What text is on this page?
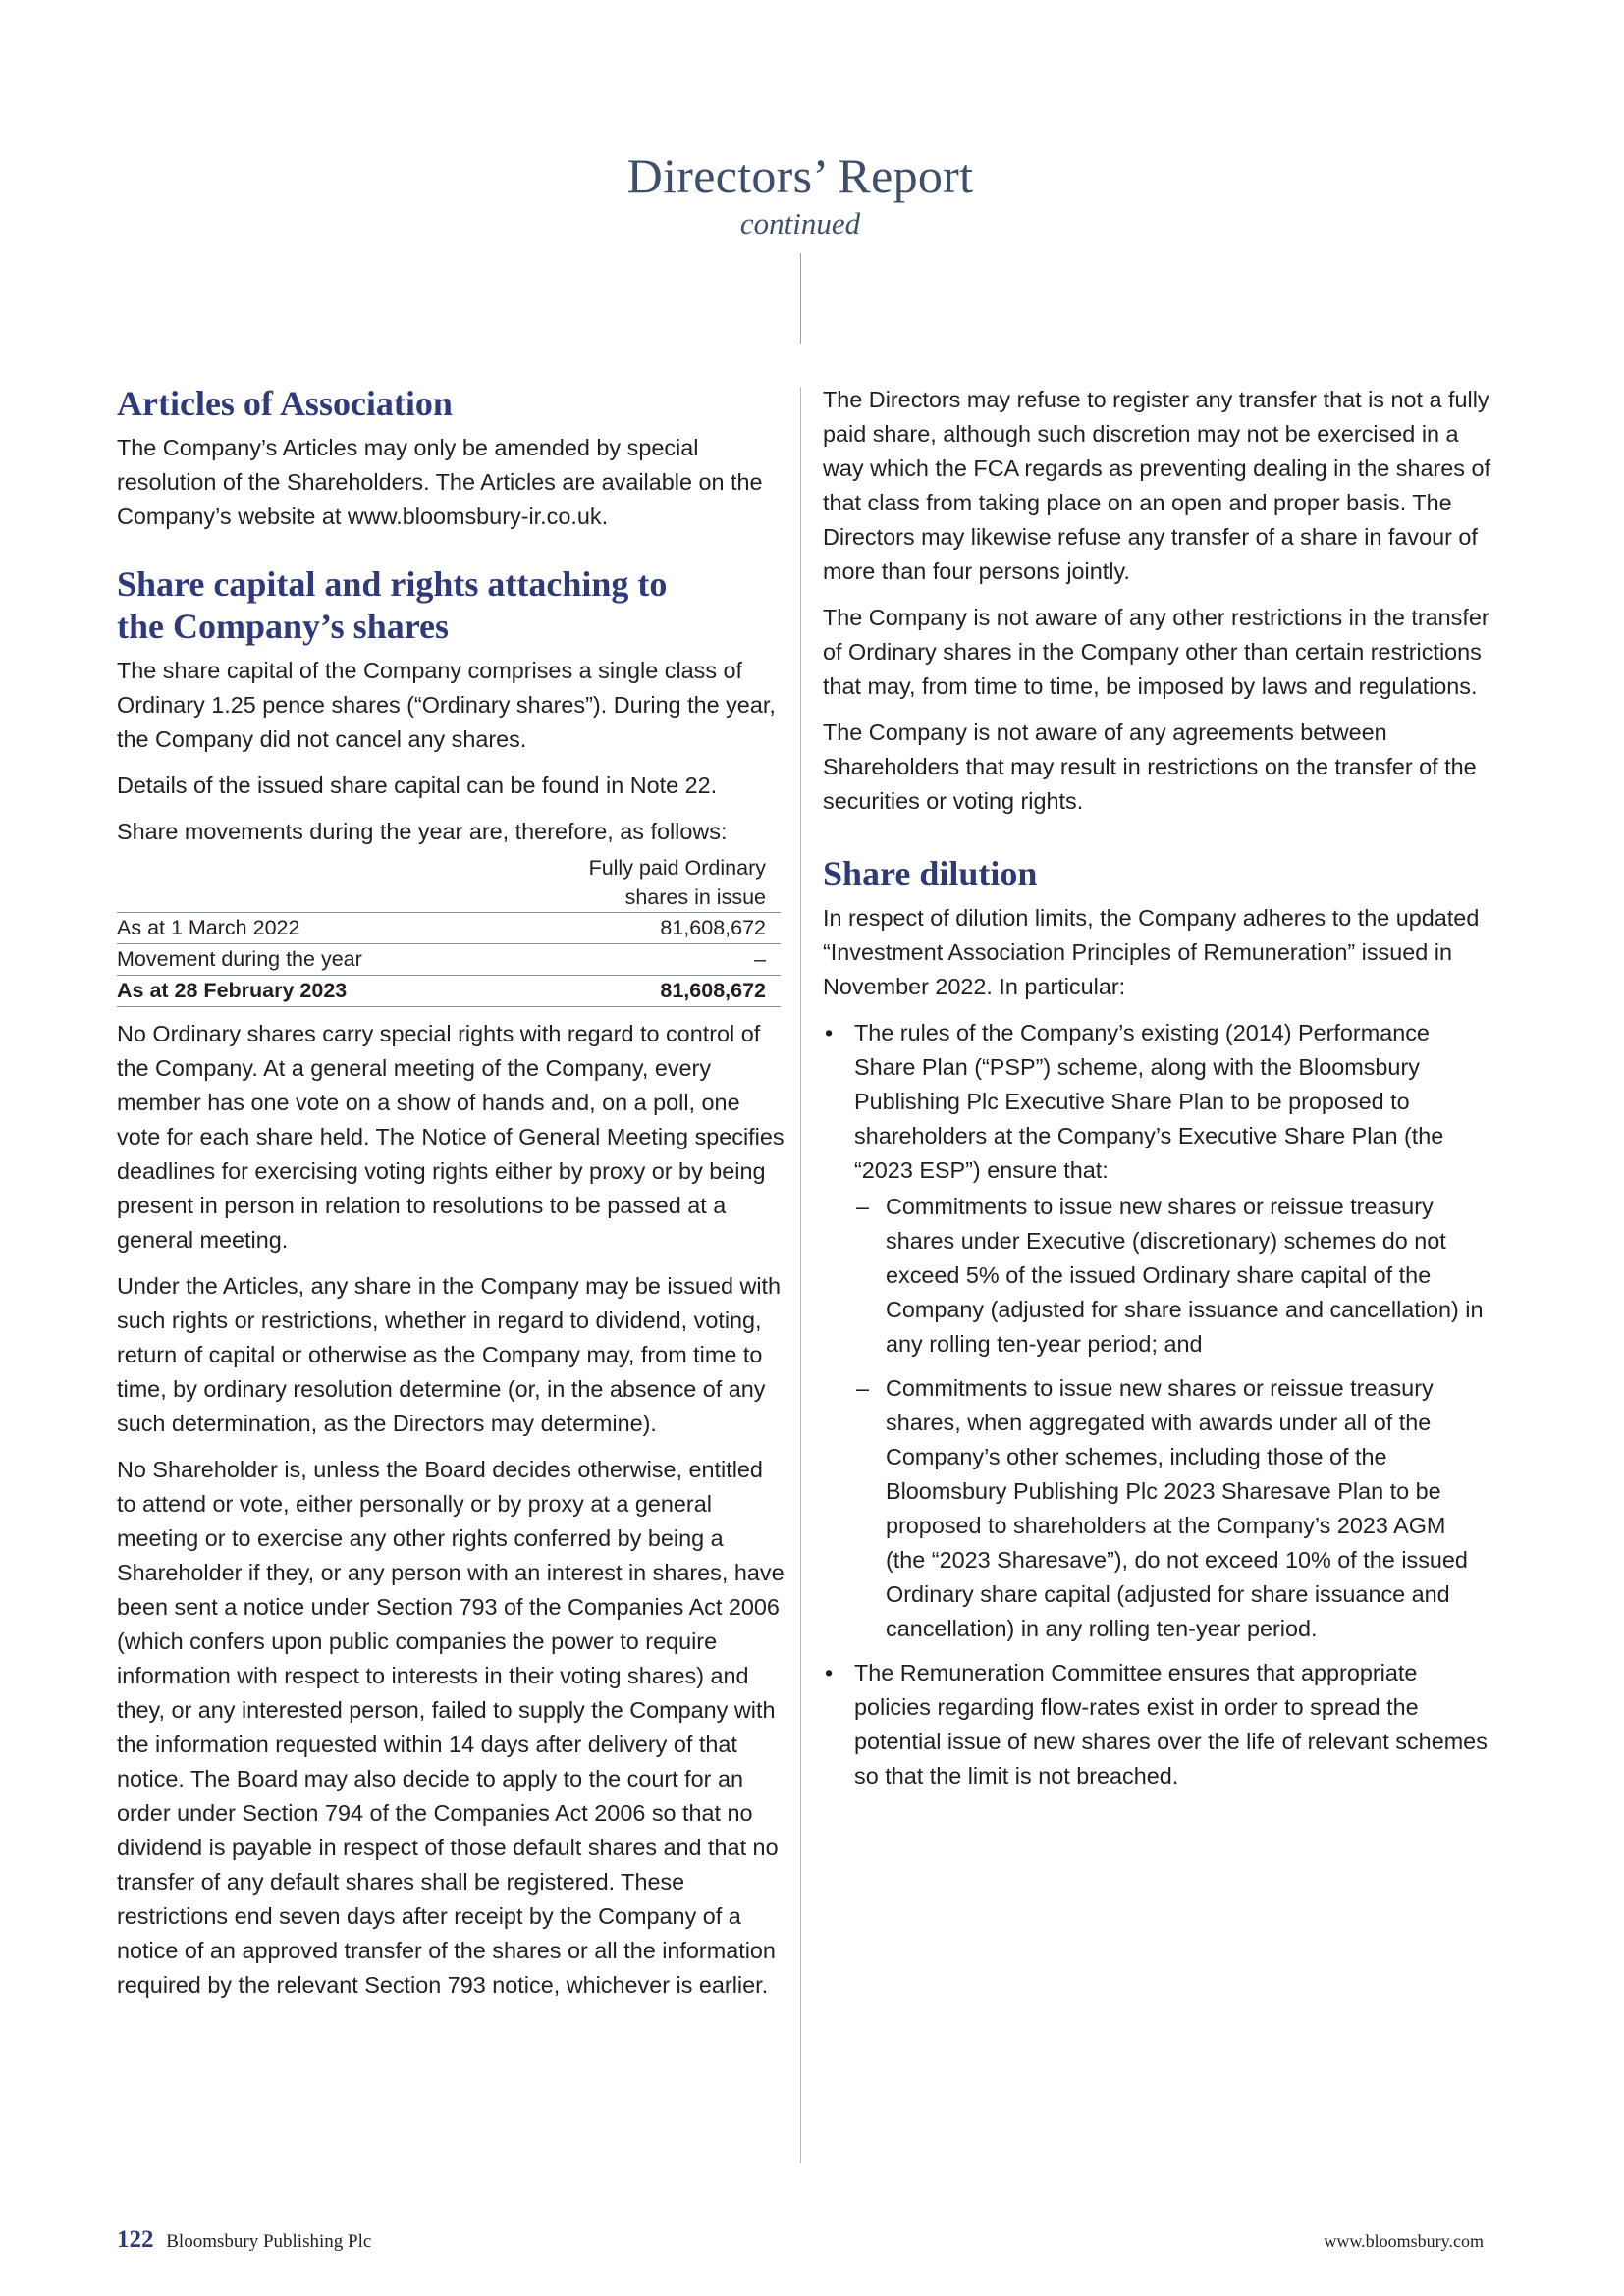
Directors’ Report
continued
Articles of Association

The Company’s Articles may only be amended by special resolution of the Shareholders. The Articles are available on the Company’s website at www.bloomsbury-ir.co.uk.

Share capital and rights attaching to
the Company’s shares

The share capital of the Company comprises a single class of Ordinary 1.25 pence shares (“Ordinary shares”). During the year, the Company did not cancel any shares.

Details of the issued share capital can be found in Note 22.

Share movements during the year are, therefore, as follows:

Fully paid Ordinary
shares in issue	
As at 1 March 2022	81,608,672
Movement during the year	–
As at 28 February 2023	81,608,672

No Ordinary shares carry special rights with regard to control of the Company. At a general meeting of the Company, every member has one vote on a show of hands and, on a poll, one vote for each share held. The Notice of General Meeting specifies deadlines for exercising voting rights either by proxy or by being present in person in relation to resolutions to be passed at a general meeting.

Under the Articles, any share in the Company may be issued with such rights or restrictions, whether in regard to dividend, voting, return of capital or otherwise as the Company may, from time to time, by ordinary resolution determine (or, in the absence of any such determination, as the Directors may determine).

No Shareholder is, unless the Board decides otherwise, entitled to attend or vote, either personally or by proxy at a general meeting or to exercise any other rights conferred by being a Shareholder if they, or any person with an interest in shares, have been sent a notice under Section 793 of the Companies Act 2006 (which confers upon public companies the power to require information with respect to interests in their voting shares) and they, or any interested person, failed to supply the Company with the information requested within 14 days after delivery of that notice. The Board may also decide to apply to the court for an order under Section 794 of the Companies Act 2006 so that no dividend is payable in respect of those default shares and that no transfer of any default shares shall be registered. These restrictions end seven days after receipt by the Company of a notice of an approved transfer of the shares or all the information required by the relevant Section 793 notice, whichever is earlier.

The Directors may refuse to register any transfer that is not a fully paid share, although such discretion may not be exercised in a way which the FCA regards as preventing dealing in the shares of that class from taking place on an open and proper basis. The Directors may likewise refuse any transfer of a share in favour of more than four persons jointly.

The Company is not aware of any other restrictions in the transfer of Ordinary shares in the Company other than certain restrictions that may, from time to time, be imposed by laws and regulations.

The Company is not aware of any agreements between Shareholders that may result in restrictions on the transfer of the securities or voting rights.

Share dilution

In respect of dilution limits, the Company adheres to the updated “Investment Association Principles of Remuneration” issued in November 2022. In particular:

• The rules of the Company’s existing (2014) Performance Share Plan (“PSP”) scheme, along with the Bloomsbury Publishing Plc Executive Share Plan to be proposed to shareholders at the Company’s Executive Share Plan (the “2023 ESP”) ensure that:
– Commitments to issue new shares or reissue treasury shares under Executive (discretionary) schemes do not exceed 5% of the issued Ordinary share capital of the Company (adjusted for share issuance and cancellation) in any rolling ten-year period; and
– Commitments to issue new shares or reissue treasury shares, when aggregated with awards under all of the Company’s other schemes, including those of the Bloomsbury Publishing Plc 2023 Sharesave Plan to be proposed to shareholders at the Company’s 2023 AGM (the “2023 Sharesave”), do not exceed 10% of the issued Ordinary share capital (adjusted for share issuance and cancellation) in any rolling ten-year period.
• The Remuneration Committee ensures that appropriate policies regarding flow-rates exist in order to spread the potential issue of new shares over the life of relevant schemes so that the limit is not breached.
122 Bloomsbury Publishing Plc	www.bloomsbury.com
